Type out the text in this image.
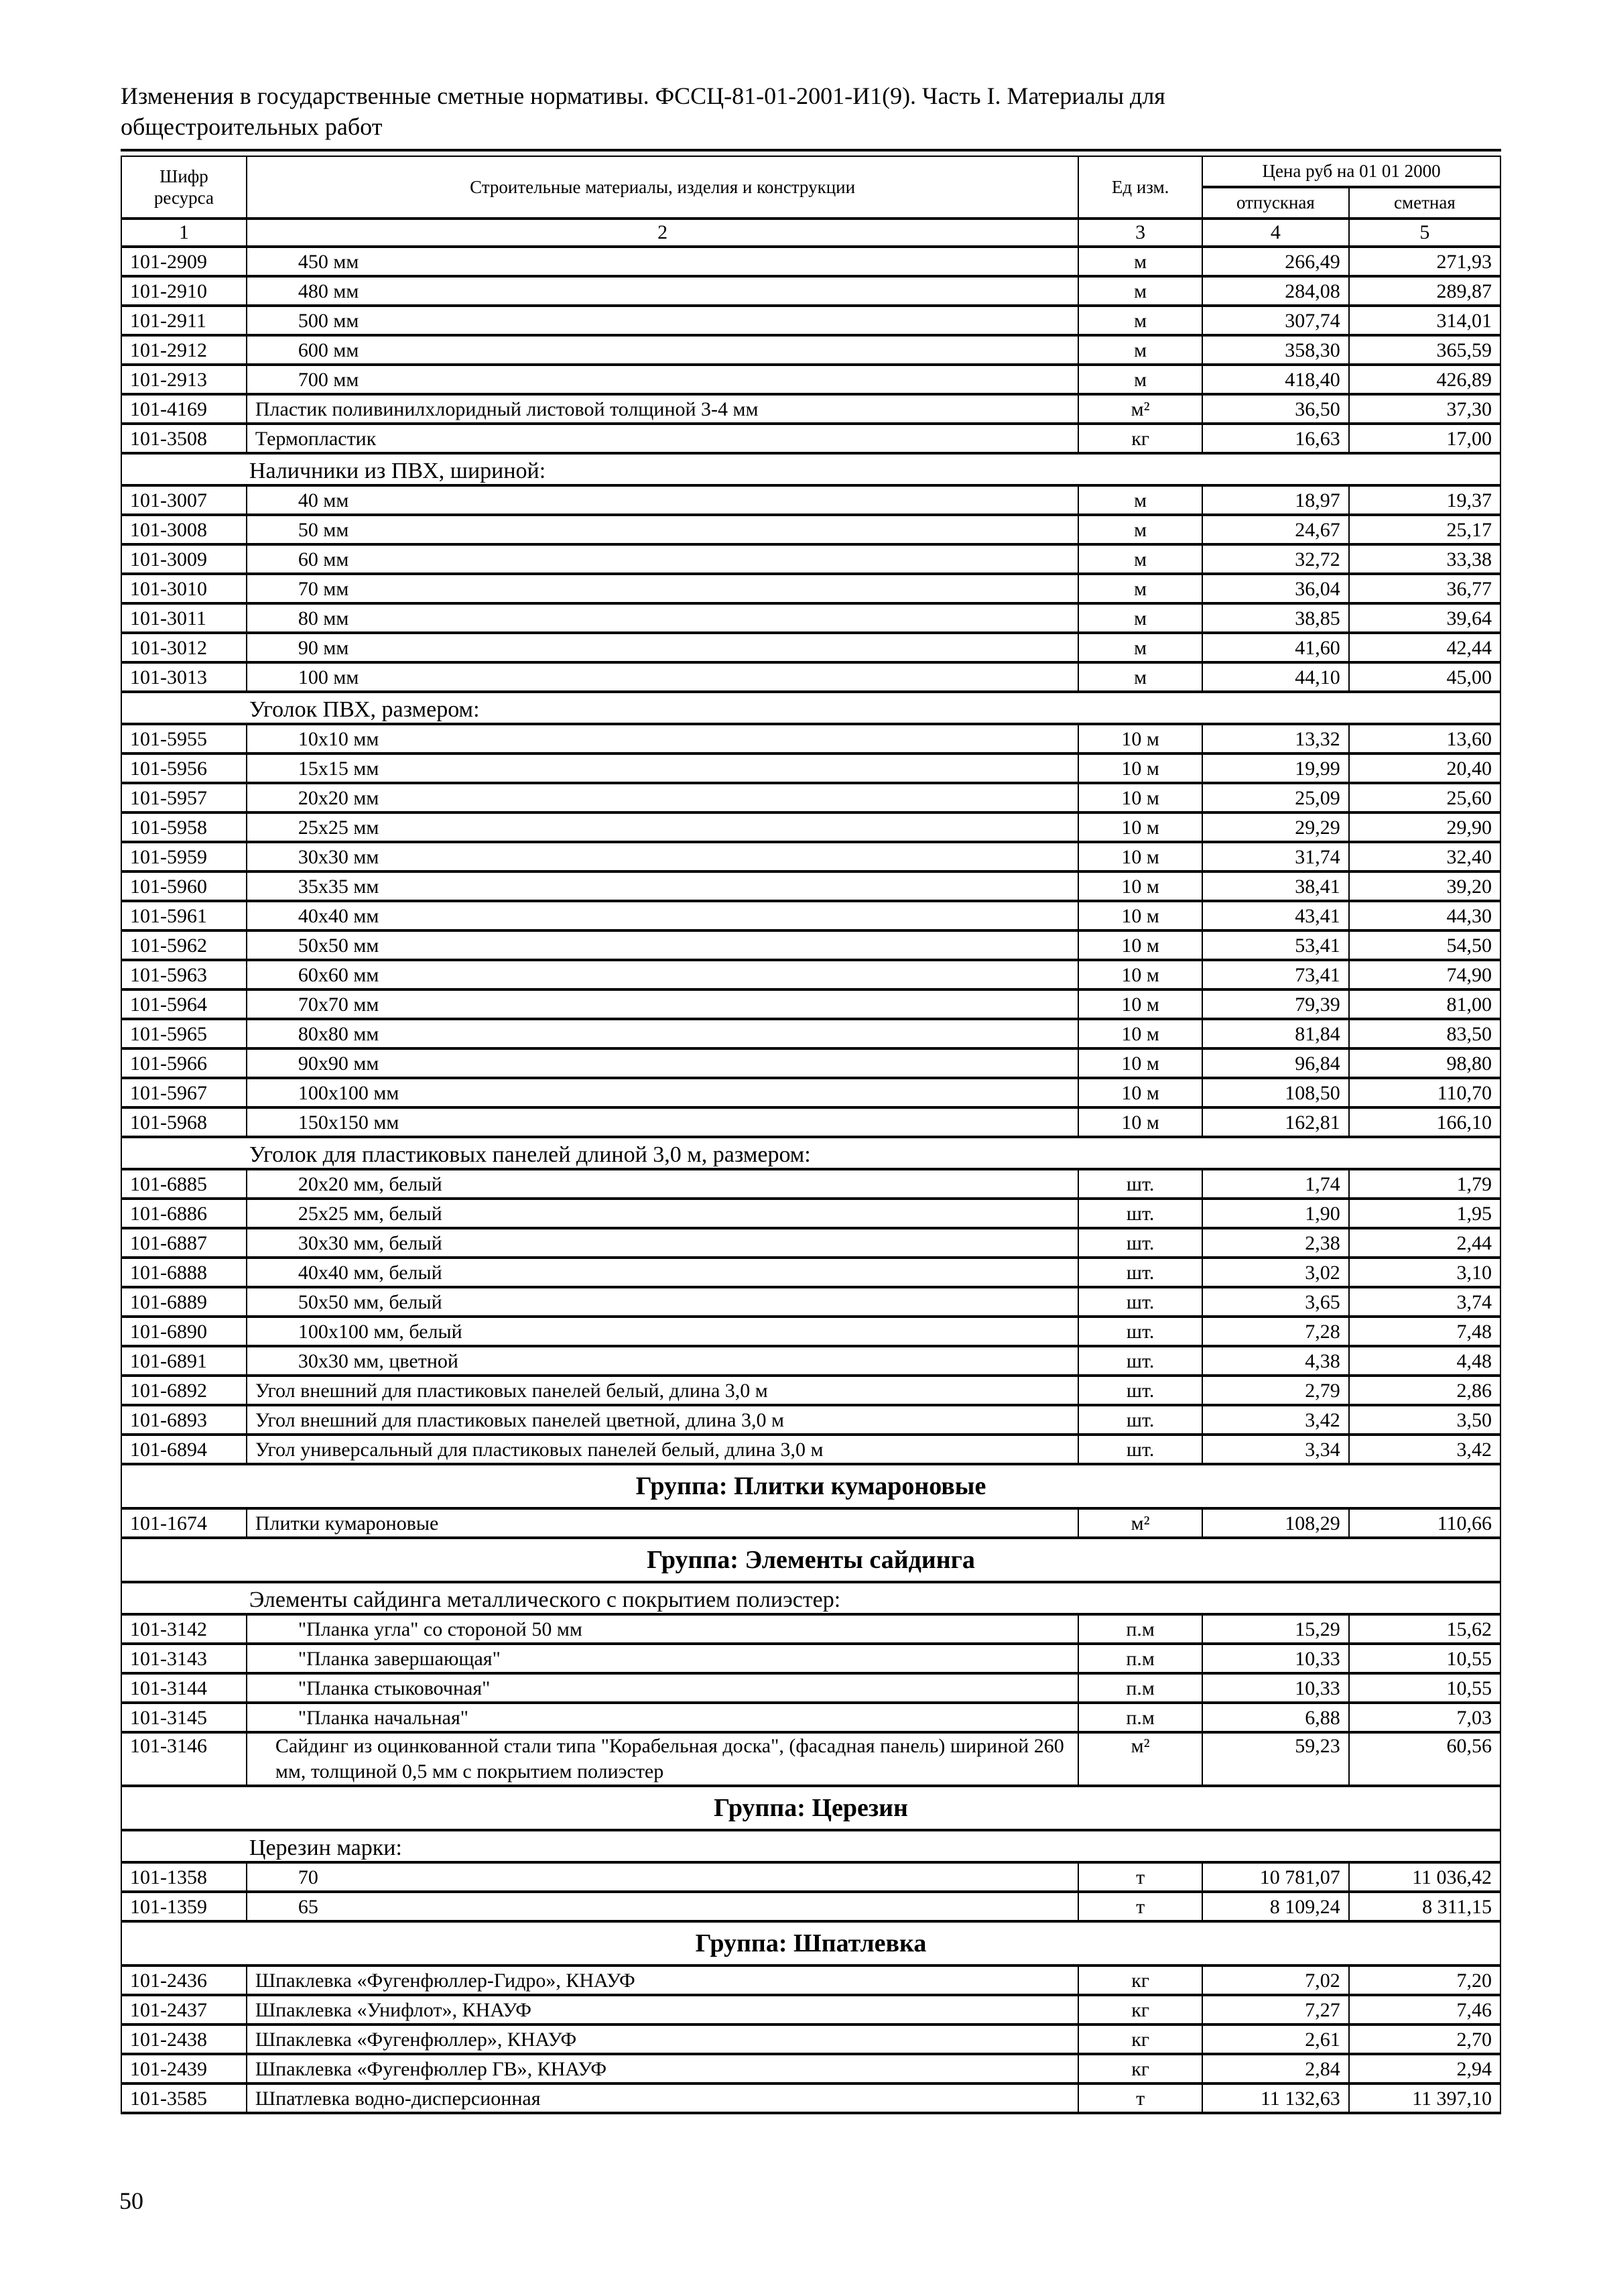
Изменения в государственные сметные нормативы. ФССЦ-81-01-2001-И1(9). Часть I. Материалы для
общестроительных работ
Шифр ресурса	Строительные материалы, изделия и конструкции	Ед изм.	Цена руб на 01 01 2000	
			отпускная	сметная
1	2	3	4	5
101-2909	450 мм	м	266,49	271,93
101-2910	480 мм	м	284,08	289,87
101-2911	500 мм	м	307,74	314,01
101-2912	600 мм	м	358,30	365,59
101-2913	700 мм	м	418,40	426,89
101-4169	Пластик поливинилхлоридный листовой толщиной 3-4 мм	м²	36,50	37,30
101-3508	Термопластик	кг	16,63	17,00
	Наличники из ПВХ, шириной:			
101-3007	40 мм	м	18,97	19,37
101-3008	50 мм	м	24,67	25,17
101-3009	60 мм	м	32,72	33,38
101-3010	70 мм	м	36,04	36,77
101-3011	80 мм	м	38,85	39,64
101-3012	90 мм	м	41,60	42,44
101-3013	100 мм	м	44,10	45,00
	Уголок ПВХ, размером:			
101-5955	10x10 мм	10 м	13,32	13,60
101-5956	15x15 мм	10 м	19,99	20,40
101-5957	20x20 мм	10 м	25,09	25,60
101-5958	25x25 мм	10 м	29,29	29,90
101-5959	30x30 мм	10 м	31,74	32,40
101-5960	35x35 мм	10 м	38,41	39,20
101-5961	40x40 мм	10 м	43,41	44,30
101-5962	50x50 мм	10 м	53,41	54,50
101-5963	60x60 мм	10 м	73,41	74,90
101-5964	70x70 мм	10 м	79,39	81,00
101-5965	80x80 мм	10 м	81,84	83,50
101-5966	90x90 мм	10 м	96,84	98,80
101-5967	100x100 мм	10 м	108,50	110,70
101-5968	150x150 мм	10 м	162,81	166,10
	Уголок для пластиковых панелей длиной 3,0 м, размером:			
101-6885	20x20 мм, белый	шт.	1,74	1,79
101-6886	25x25 мм, белый	шт.	1,90	1,95
101-6887	30x30 мм, белый	шт.	2,38	2,44
101-6888	40x40 мм, белый	шт.	3,02	3,10
101-6889	50x50 мм, белый	шт.	3,65	3,74
101-6890	100x100 мм, белый	шт.	7,28	7,48
101-6891	30x30 мм, цветной	шт.	4,38	4,48
101-6892	Угол внешний для пластиковых панелей белый, длина 3,0 м	шт.	2,79	2,86
101-6893	Угол внешний для пластиковых панелей цветной, длина 3,0 м	шт.	3,42	3,50
101-6894	Угол универсальный для пластиковых панелей белый, длина 3,0 м	шт.	3,34	3,42
Группа: Плитки кумароновые				
101-1674	Плитки кумароновые	м²	108,29	110,66
Группа: Элементы сайдинга				
	Элементы сайдинга металлического с покрытием полиэстер:			
101-3142	"Планка угла" со стороной 50 мм	п.м	15,29	15,62
101-3143	"Планка завершающая"	п.м	10,33	10,55
101-3144	"Планка стыковочная"	п.м	10,33	10,55
101-3145	"Планка начальная"	п.м	6,88	7,03
101-3146	Сайдинг из оцинкованной стали типа "Корабельная доска", (фасадная панель) шириной 260 мм, толщиной 0,5 мм с покрытием полиэстер	м²	59,23	60,56
Группа: Церезин				
	Церезин марки:			
101-1358	70	т	10 781,07	11 036,42
101-1359	65	т	8 109,24	8 311,15
Группа: Шпатлевка				
101-2436	Шпаклевка «Фугенфюллер-Гидро», КНАУФ	кг	7,02	7,20
101-2437	Шпаклевка «Унифлот», КНАУФ	кг	7,27	7,46
101-2438	Шпаклевка «Фугенфюллер», КНАУФ	кг	2,61	2,70
101-2439	Шпаклевка «Фугенфюллер ГВ», КНАУФ	кг	2,84	2,94
101-3585	Шпатлевка водно-дисперсионная	т	11 132,63	11 397,10
50
